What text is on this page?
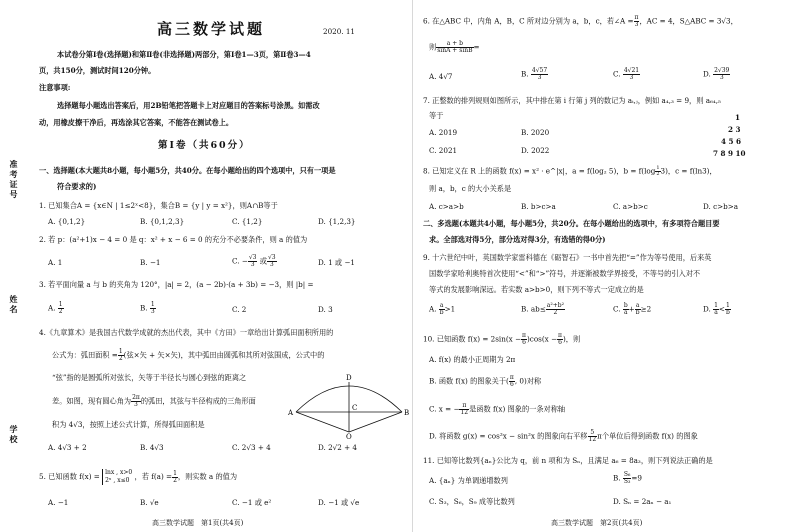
准考证号
姓名
学校
高三数学试题	2020. 11
本试卷分第Ⅰ卷(选择题)和第Ⅱ卷(非选择题)两部分，第Ⅰ卷1—3页，第Ⅱ卷3—4
页，共150分，测试时间120分钟。
注意事项:
选择题每小题选出答案后，用2B铅笔把答题卡上对应题目的答案标号涂黑。如需改
动，用橡皮擦干净后，再选涂其它答案，不能答在测试卷上。
第Ⅰ卷（共60分）
一、选择题(本大题共8小题，每小题5分，共40分。在每小题给出的四个选项中，只有一项是
符合要求的)
1. 已知集合A = {x∈N | 1≤2ˣ<8}，集合B = {y | y = x²}，则A∩B等于
A. {0,1,2}	B. {0,1,2,3}	C. {1,2}	D. {1,2,3}
2. 若 p：(a²+1)x − 4 = 0 是 q：x² + x − 6 = 0 的充分不必要条件，则 a 的值为
A. 1	B. −1	C. − $\frac{√3}{3}$ 或 $\frac{√3}{3}$	D. 1 或 −1
3. 若平面向量 a 与 b 的夹角为 120°，|a| = 2，(a − 2b)·(a + 3b) = −3，则 |b| =
A. $\frac{1}{2}$	B. $\frac{1}{3}$	C. 2	D. 3
4.《九章算术》是我国古代数学成就的杰出代表，其中《方田》一章给出计算弧田面积所用的
公式为：弧田面积 = $\frac{1}{2}$ (弦×矢 + 矢×矢)，其中弧田由圆弧和其所对弦围成，公式中的
“弦”指的是圆弧所对弦长，矢等于半径长与圆心到弦的距离之
差。如图，现有圆心角为 $\frac{2\pi}{3}$ 的弧田，其弦与半径构成的三角形面
积为 4√3，按照上述公式计算，所得弧田面积是
D
A
C
B
O
A. 4√3 + 2	B. 4√3	C. 2√3 + 4	D. 2√2 + 4
5. 已知函数 f(x) = lnx , x>0
2ˣ , x≤0 ，若 $f(a) = \frac{1}{2}$ ，则实数 a 的值为
A. −1	B. √e	C. −1 或 e²	D. −1 或 √e
高三数学试题　第1页(共4页)
6. 在△ABC 中，内角 A，B，C 所对边分别为 a，b，c，若∠A = $\frac{\pi}{3}$ ，AC = 4，S△ABC = 3√3，
则 $\frac{a + b}{\sin A + \sin B}$ =
A. 4√7	B. $\frac{4√57}{3}$	C. $\frac{4√21}{3}$	D. $\frac{2√39}{3}$
7. 正整数的排列规则如图所示，其中排在第 i 行第 j 列的数记为 aᵢ,ⱼ，例如 a₄,₃ = 9，则 a₆₄,₅
等于
A. 2019	B. 2020
C. 2021	D. 2022
1
2 3
4 5 6
7 8 9 10
8. 已知定义在 R 上的函数 f(x) = x² · e^|x|，a = f(log₂ 5)，$b = f(\log \frac{1}{2} 3)$，c = f(ln3)，
则 a，b，c 的大小关系是
A. c>a>b	B. b>c>a	C. a>b>c	D. c>b>a
二、多选题(本题共4小题，每小题5分，共20分。在每小题给出的选项中，有多项符合题目要
求。全部选对得5分，部分选对得3分，有选错的得0分)
9. 十六世纪中叶，英国数学家雷科德在《砺智石》一书中首先把“=”作为等号使用，后来英
国数学家哈利奥特首次使用“<”和“>”符号，并逐渐被数学界接受，不等号的引入对不
等式的发展影响深远。若实数 a>b>0，则下列不等式一定成立的是
A. $\frac{a}{b} >1$	B. $ab\le \frac{\text{a²+b²}}{2}$	C. $\frac{b}{a} + \frac{a}{b} \ge 2$	D. $\frac{1}{a} < \frac{1}{b}$
10. 已知函数 $f(x) = 2\sin(x - \frac{\pi}{6} )\cos(x - \frac{\pi}{6}$ )，则
A. f(x) 的最小正周期为 2π
B. 函数 f(x) 的图象关于( $\frac{\pi}{6}$ , 0)对称
C. x = − $\frac{\pi}{12}$ 是函数 f(x) 图象的一条对称轴
D. 将函数 g(x) = cos²x − sin²x 的图象向右平移 $\frac{5}{12}$ π个单位后得到函数 f(x) 的图象
11. 已知等比数列{aₙ}公比为 q，前 n 项和为 Sₙ，且满足 a₆ = 8a₃，则下列说法正确的是
A. {aₙ} 为单调递增数列	B. $\frac{\text{S₆}}{\text{S₃}} =9$
C. S₃，S₆，S₉ 成等比数列	D. Sₙ = 2aₙ − a₁
高三数学试题　第2页(共4页)
